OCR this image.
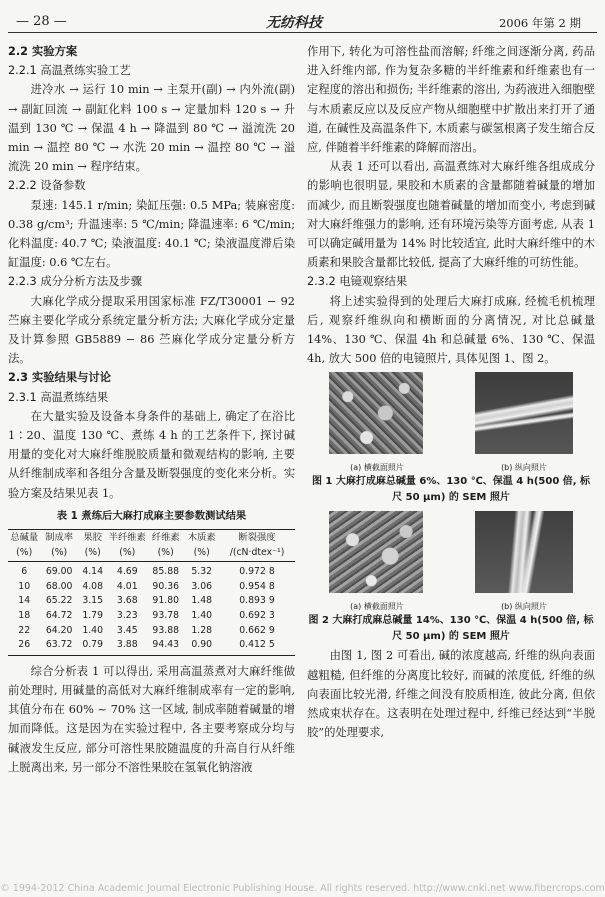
— 28 —	无纺科技	2006 年第 2 期
2.2 实验方案
2.2.1 高温煮练实验工艺

进冷水 → 运行 10 min → 主泵开(副) → 内外流(副) → 副缸回流 → 副缸化料 100 s → 定量加料 120 s → 升温到 130 ℃ → 保温 4 h → 降温到 80 ℃ → 溢流洗 20 min → 温控 80 ℃ → 水洗 20 min → 温控 80 ℃ → 溢流洗 20 min → 程序结束。

2.2.2 设备参数

泵速: 145.1 r/min; 染缸压强: 0.5 MPa; 装麻密度: 0.38 g/cm³; 升温速率: 5 ℃/min; 降温速率: 6 ℃/min; 化料温度: 40.7 ℃; 染液温度: 40.1 ℃; 染液温度滞后染缸温度: 0.6 ℃左右。

2.2.3 成分分析方法及步骤

大麻化学成分提取采用国家标准 FZ/T30001 − 92 苎麻主要化学成分系统定量分析方法; 大麻化学成分定量及计算参照 GB5889 − 86 苎麻化学成分定量分析方法。

2.3 实验结果与讨论
2.3.1 高温煮练结果

在大量实验及设备本身条件的基础上, 确定了在浴比 1∶20、温度 130 ℃、煮练 4 h 的工艺条件下, 探讨碱用量的变化对大麻纤维脱胶质量和微观结构的影响, 主要从纤维制成率和各组分含量及断裂强度的变化来分析。实验方案及结果见表 1。

表 1 煮练后大麻打成麻主要参数测试结果
总碱量 (%)	制成率 (%)	果胶 (%)	半纤维素 (%)	纤维素 (%)	木质素 (%)	断裂强度 /(cN·dtex⁻¹)
6	69.00	4.14	4.69	85.88	5.32	0.972 8
10	68.00	4.08	4.01	90.36	3.06	0.954 8
14	65.22	3.15	3.68	91.80	1.48	0.893 9
18	64.72	1.79	3.23	93.78	1.40	0.692 3
22	64.20	1.40	3.45	93.88	1.28	0.662 9
26	63.72	0.79	3.88	94.43	0.90	0.412 5

综合分析表 1 可以得出, 采用高温蒸煮对大麻纤维做前处理时, 用碱量的高低对大麻纤维制成率有一定的影响, 其值分布在 60% ~ 70% 这一区域, 制成率随着碱量的增加而降低。这是因为在实验过程中, 各主要考察成分均与碱液发生反应, 部分可溶性果胶随温度的升高自行从纤维上脱离出来, 另一部分不溶性果胶在氢氧化钠溶液

作用下, 转化为可溶性盐而溶解; 纤维之间逐渐分离, 药品进入纤维内部, 作为复杂多糖的半纤维素和纤维素也有一定程度的溶出和损伤; 半纤维素的溶出, 为药液进入细胞壁与木质素反应以及反应产物从细胞壁中扩散出来打开了通道, 在碱性及高温条件下, 木质素与碳氢根离子发生缩合反应, 伴随着半纤维素的降解而溶出。

从表 1 还可以看出, 高温煮练对大麻纤维各组成成分的影响也很明显, 果胶和木质素的含量都随着碱量的增加而减少, 而且断裂强度也随着碱量的增加而变小, 考虑到碱对大麻纤维强力的影响, 还有环境污染等方面考虑, 从表 1 可以确定碱用量为 14% 时比较适宜, 此时大麻纤维中的木质素和果胶含量都比较低, 提高了大麻纤维的可纺性能。

2.3.2 电镜观察结果

将上述实验得到的处理后大麻打成麻, 经梳毛机梳理后, 观察纤维纵向和横断面的分离情况, 对比总碱量 14%、130 ℃、保温 4h 和总碱量 6%、130 ℃、保温 4h, 放大 500 倍的电镜照片, 具体见图 1、图 2。

(a) 横截面照片	(b) 纵向照片
图 1 大麻打成麻总碱量 6%、130 ℃、保温 4 h(500 倍, 标尺 50 μm) 的 SEM 照片
(a) 横截面照片	(b) 纵向照片
图 2 大麻打成麻总碱量 14%、130 ℃、保温 4 h(500 倍, 标尺 50 μm) 的 SEM 照片

由图 1, 图 2 可看出, 碱的浓度越高, 纤维的纵向表面越粗糙, 但纤维的分离度比较好, 而碱的浓度低, 纤维的纵向表面比较光滑, 纤维之间没有胶质相连, 彼此分离, 但依然成束状存在。这表明在处理过程中, 纤维已经达到“半脱胶”的处理要求,

© 1994-2012 China Academic Journal Electronic Publishing House. All rights reserved. http://www.cnki.net www.fibercrops.com
